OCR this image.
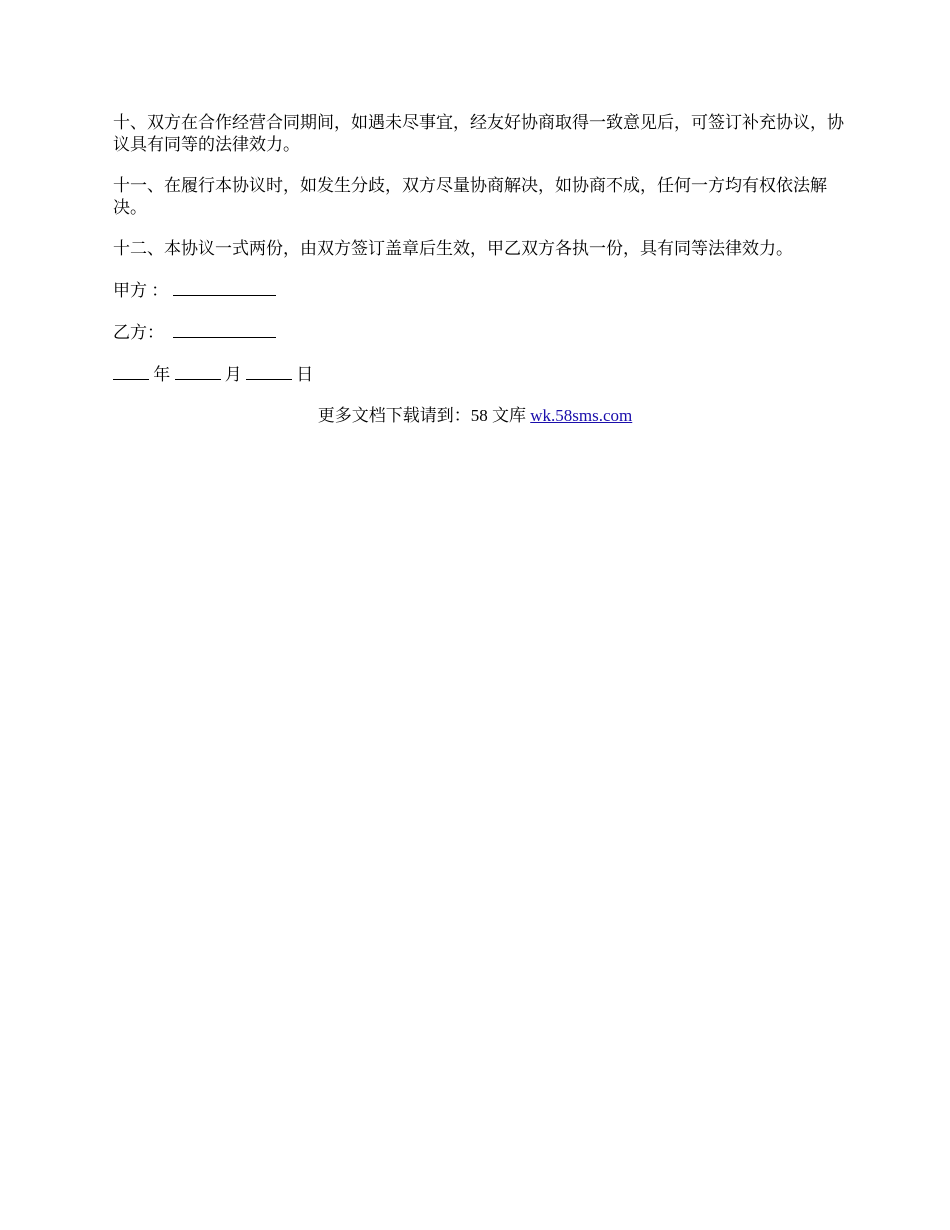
十、双方在合作经营合同期间，如遇未尽事宜，经友好协商取得一致意见后，可签订补充协议，协议具有同等的法律效力。

十一、在履行本协议时，如发生分歧，双方尽量协商解决，如协商不成，任何一方均有权依法解决。

十二、本协议一式两份，由双方签订盖章后生效，甲乙双方各执一份，具有同等法律效力。

甲方 ：
乙方：
年	月	日
更多文档下载请到：58 文库 wk.58sms.com
